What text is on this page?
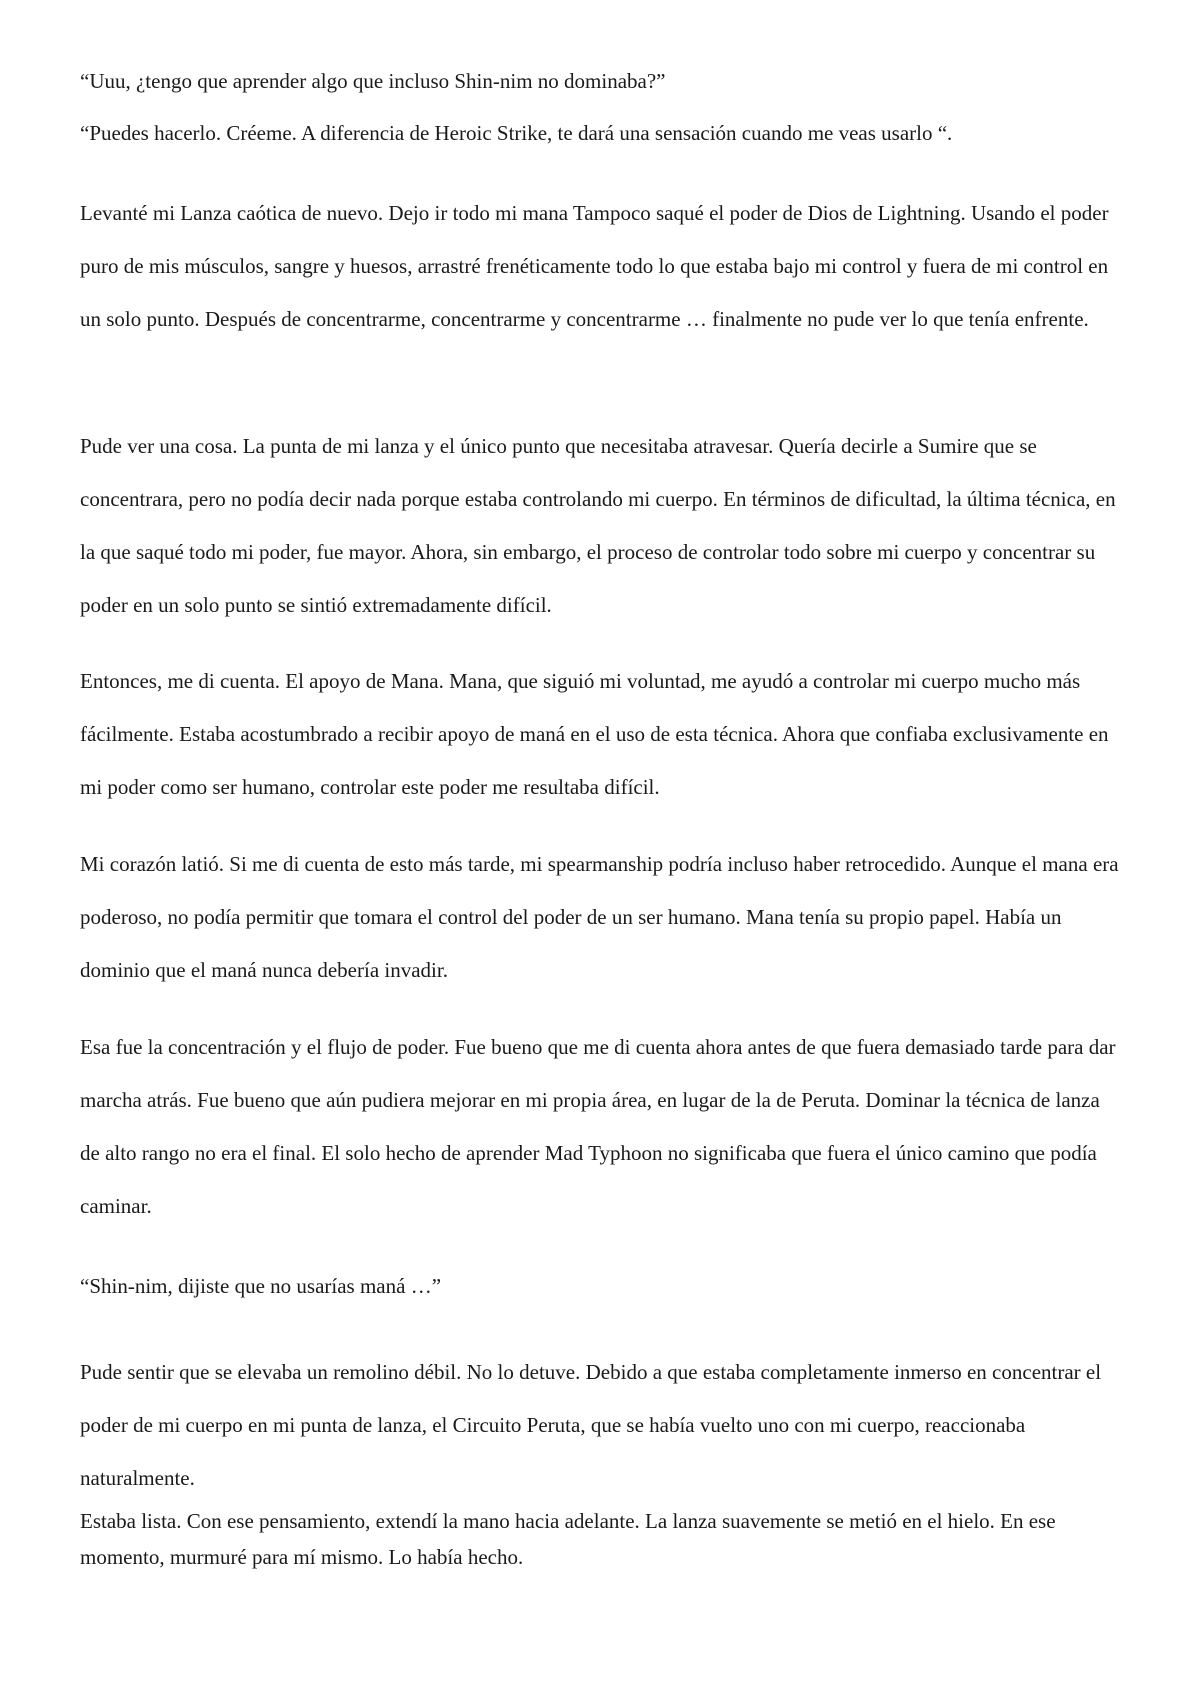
“Uuu, ¿tengo que aprender algo que incluso Shin-nim no dominaba?”

“Puedes hacerlo. Créeme. A diferencia de Heroic Strike, te dará una sensación cuando me veas usarlo “.

Levanté mi Lanza caótica de nuevo. Dejo ir todo mi mana Tampoco saqué el poder de Dios de Lightning. Usando el poder puro de mis músculos, sangre y huesos, arrastré frenéticamente todo lo que estaba bajo mi control y fuera de mi control en un solo punto. Después de concentrarme, concentrarme y concentrarme … finalmente no pude ver lo que tenía enfrente.

Pude ver una cosa. La punta de mi lanza y el único punto que necesitaba atravesar. Quería decirle a Sumire que se concentrara, pero no podía decir nada porque estaba controlando mi cuerpo. En términos de dificultad, la última técnica, en la que saqué todo mi poder, fue mayor. Ahora, sin embargo, el proceso de controlar todo sobre mi cuerpo y concentrar su poder en un solo punto se sintió extremadamente difícil.

Entonces, me di cuenta. El apoyo de Mana. Mana, que siguió mi voluntad, me ayudó a controlar mi cuerpo mucho más fácilmente. Estaba acostumbrado a recibir apoyo de maná en el uso de esta técnica. Ahora que confiaba exclusivamente en mi poder como ser humano, controlar este poder me resultaba difícil.

Mi corazón latió. Si me di cuenta de esto más tarde, mi spearmanship podría incluso haber retrocedido. Aunque el mana era poderoso, no podía permitir que tomara el control del poder de un ser humano. Mana tenía su propio papel. Había un dominio que el maná nunca debería invadir.

Esa fue la concentración y el flujo de poder. Fue bueno que me di cuenta ahora antes de que fuera demasiado tarde para dar marcha atrás. Fue bueno que aún pudiera mejorar en mi propia área, en lugar de la de Peruta. Dominar la técnica de lanza de alto rango no era el final. El solo hecho de aprender Mad Typhoon no significaba que fuera el único camino que podía caminar.

“Shin-nim, dijiste que no usarías maná …”

Pude sentir que se elevaba un remolino débil. No lo detuve. Debido a que estaba completamente inmerso en concentrar el poder de mi cuerpo en mi punta de lanza, el Circuito Peruta, que se había vuelto uno con mi cuerpo, reaccionaba naturalmente.

Estaba lista. Con ese pensamiento, extendí la mano hacia adelante. La lanza suavemente se metió en el hielo. En ese momento, murmuré para mí mismo. Lo había hecho.
